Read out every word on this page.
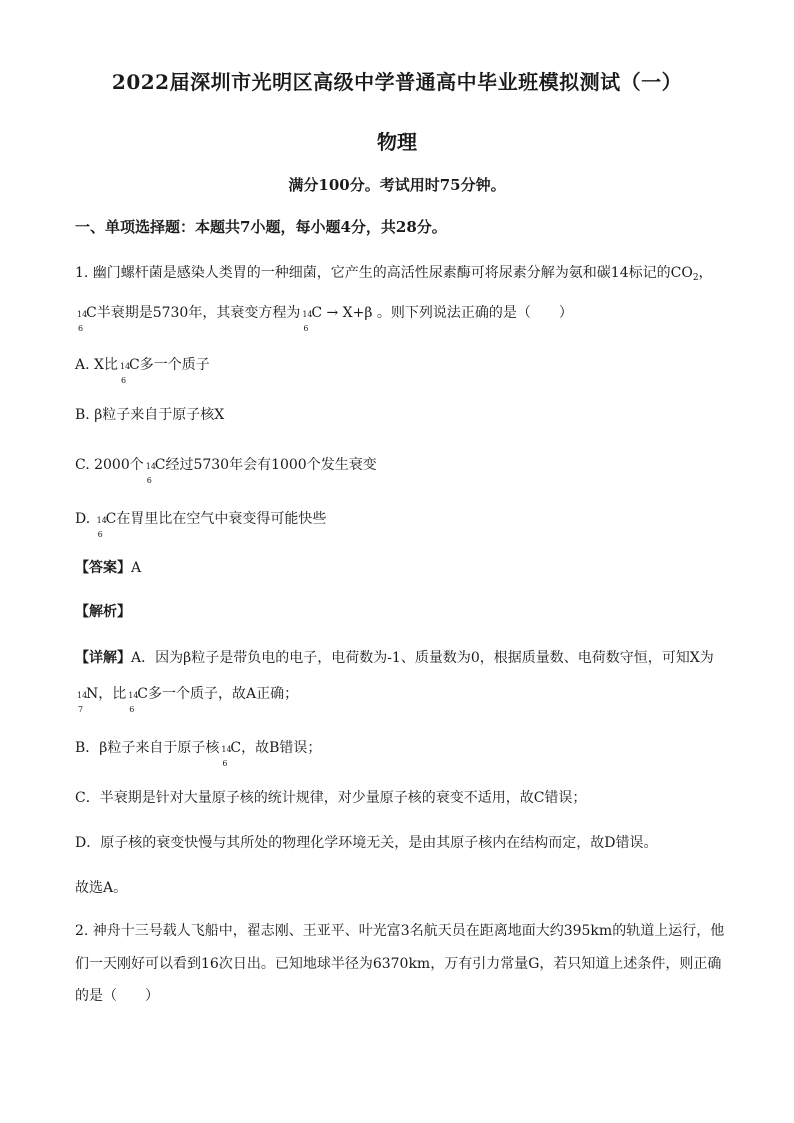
2022届深圳市光明区高级中学普通高中毕业班模拟测试（一）
物理
满分100分。考试用时75分钟。
一、单项选择题：本题共7小题，每小题4分，共28分。
1. 幽门螺杆菌是感染人类胃的一种细菌，它产生的高活性尿素酶可将尿素分解为氨和碳14标记的$CO_2$，
14
6
C半衰期是5730年，其衰变方程为 14
6
C → X+β 。则下列说法正确的是（　　）
A. X比 14
6
C多一个质子
B. β粒子来自于原子核X
C. 2000个 14
6
C经过5730年会有1000个发生衰变
D. 14
6
C在胃里比在空气中衰变得可能快些
【答案】A
【解析】
【详解】A．因为β粒子是带负电的电子，电荷数为-1、质量数为0，根据质量数、电荷数守恒，可知X为
14
7
N，比 14
6
C多一个质子，故A正确；
B．β粒子来自于原子核 14
6
C，故B错误；
C．半衰期是针对大量原子核的统计规律，对少量原子核的衰变不适用，故C错误；
D．原子核的衰变快慢与其所处的物理化学环境无关，是由其原子核内在结构而定，故D错误。
故选A。
2. 神舟十三号载人飞船中，翟志刚、王亚平、叶光富3名航天员在距离地面大约395km的轨道上运行，他
们一天刚好可以看到16次日出。已知地球半径为6370km，万有引力常量G，若只知道上述条件，则正确
的是（　　）
